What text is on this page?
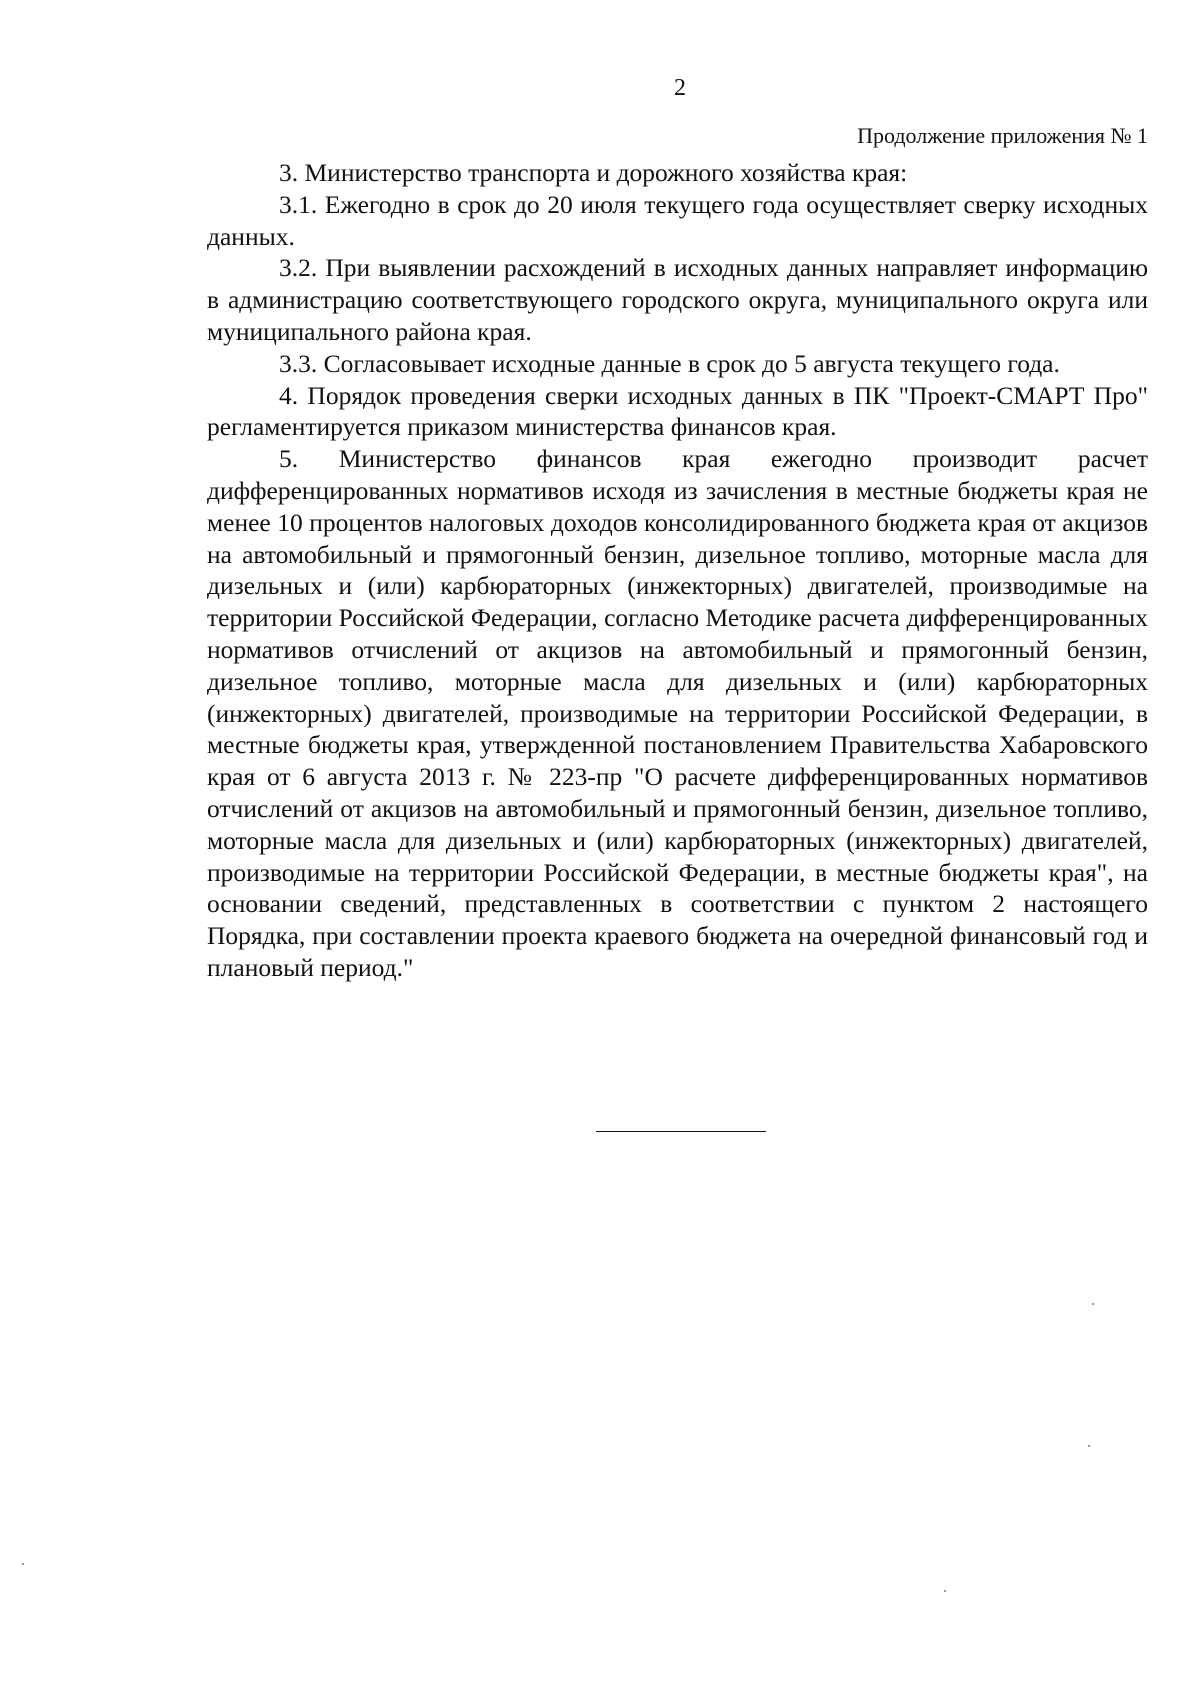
2
Продолжение приложения № 1

3. Министерство транспорта и дорожного хозяйства края:

3.1. Ежегодно в срок до 20 июля текущего года осуществляет сверку исходных данных.

3.2. При выявлении расхождений в исходных данных направляет информацию в администрацию соответствующего городского округа, муниципального округа или муниципального района края.

3.3. Согласовывает исходные данные в срок до 5 августа текущего года.

4. Порядок проведения сверки исходных данных в ПК "Проект-СМАРТ Про" регламентируется приказом министерства финансов края.

5. Министерство финансов края ежегодно производит расчет дифференцированных нормативов исходя из зачисления в местные бюджеты края не менее 10 процентов налоговых доходов консолидированного бюджета края от акцизов на автомобильный и прямогонный бензин, дизельное топливо, моторные масла для дизельных и (или) карбюраторных (инжекторных) двигателей, производимые на территории Российской Федерации, согласно Методике расчета дифференцированных нормативов отчислений от акцизов на автомобильный и прямогонный бензин, дизельное топливо, моторные масла для дизельных и (или) карбюраторных (инжекторных) двигателей, производимые на территории Российской Федерации, в местные бюджеты края, утвержденной постановлением Правительства Хабаровского края от 6 августа 2013 г. № 223-пр "О расчете дифференцированных нормативов отчислений от акцизов на автомобильный и прямогонный бензин, дизельное топливо, моторные масла для дизельных и (или) карбюраторных (инжекторных) двигателей, производимые на территории Российской Федерации, в местные бюджеты края", на основании сведений, представленных в соответствии с пунктом 2 настоящего Порядка, при составлении проекта краевого бюджета на очередной финансовый год и плановый период."
